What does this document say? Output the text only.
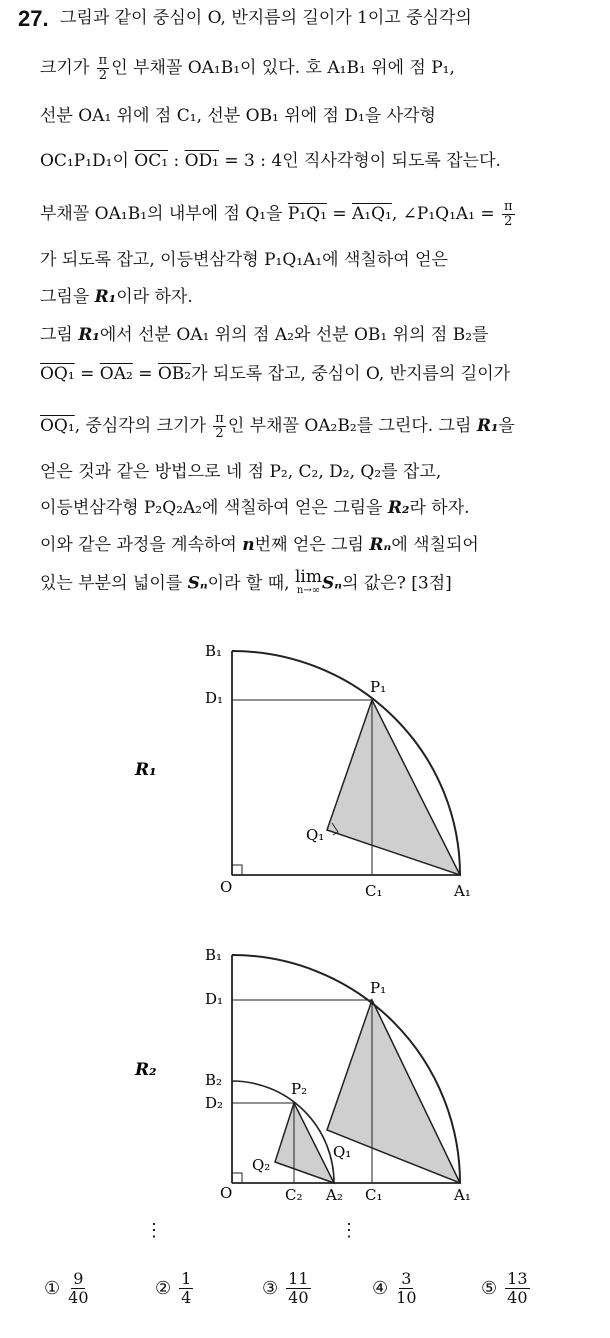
27. 그림과 같이 중심이 O, 반지름의 길이가 1이고 중심각의
크기가 $\frac{\pi}{2}$ 인 부채꼴 OA₁B₁이 있다. 호 A₁B₁ 위에 점 P₁,
선분 OA₁ 위에 점 C₁, 선분 OB₁ 위에 점 D₁을 사각형
OC₁P₁D₁이 OC₁ : OD₁ = 3 : 4인 직사각형이 되도록 잡는다.
부채꼴 OA₁B₁의 내부에 점 Q₁을 P₁Q₁ = A₁Q₁, ∠P₁Q₁A₁ = $\frac{\pi}{2}$
가 되도록 잡고, 이등변삼각형 P₁Q₁A₁에 색칠하여 얻은
그림을 R₁이라 하자.
그림 R₁에서 선분 OA₁ 위의 점 A₂와 선분 OB₁ 위의 점 B₂를
OQ₁ = OA₂ = OB₂가 되도록 잡고, 중심이 O, 반지름의 길이가
OQ₁, 중심각의 크기가 $\frac{\pi}{2}$ 인 부채꼴 OA₂B₂를 그린다. 그림 R₁을
얻은 것과 같은 방법으로 네 점 P₂, C₂, D₂, Q₂를 잡고,
이등변삼각형 P₂Q₂A₂에 색칠하여 얻은 그림을 R₂라 하자.
이와 같은 과정을 계속하여 n번째 얻은 그림 Rₙ에 색칠되어
있는 부분의 넓이를 Sₙ이라 할 때, lim
n→∞ Sₙ의 값은? [3점]
R₁
B₁
D₁
P₁
Q₁
O	C₁	A₁
R₂
B₁
D₁
P₁
B₂
D₂
P₂
Q₁
Q₂
O	C₂ A₂ C₁	A₁
⋮	⋮
① $\frac{9}{40}$	② $\frac{1}{4}$	③ $\frac{11}{40}$	④ $\frac{3}{10}$	⑤ $\frac{13}{40}$
